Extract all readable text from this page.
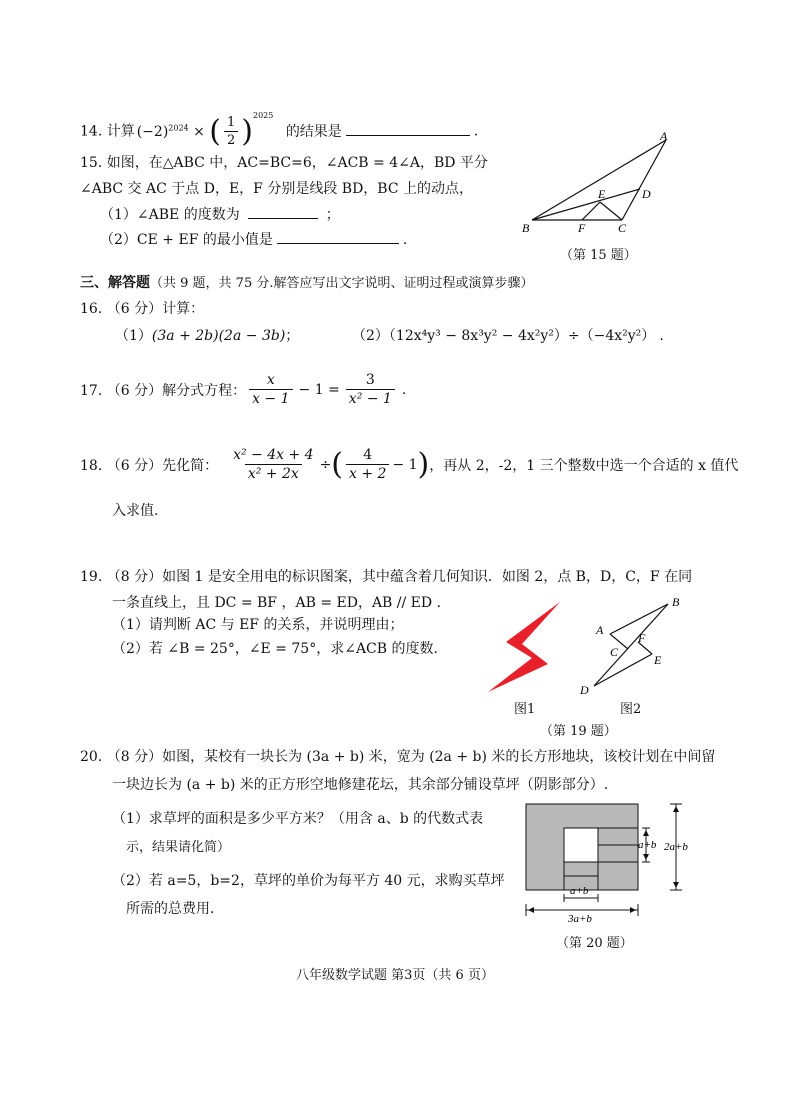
14. 计算 $(-2)^{2024}$ × ( $\frac{1}{2} )^{2025}$ 的结果是	.
15. 如图，在△ABC 中，AC=BC=6，∠ACB = 4∠A，BD 平分
∠ABC 交 AC 于点 D，E，F 分别是线段 BD，BC 上的动点，
（1）∠ABE 的度数为	；
（2）CE + EF 的最小值是	.
A
B	C
D
E
F
（第 15 题）
三、解答题（共 9 题，共 75 分.解答应写出文字说明、证明过程或演算步骤）
16. （6 分）计算：
（1）(3a + 2b)(2a − 3b)；	（2）（12x⁴y³ − 8x³y² − 4x²y²）÷（−4x²y²） .
17. （6 分）解分式方程： $\frac{x}{x - 1} - 1 = \frac{3}{\text{x² − 1}}$ .
18. （6 分）先化简： $\frac{\text{x² − 4x + 4}}{\text{x² + 2x}}$ ÷ ( $\frac{4}{x + 2} - 1$ ) ，再从 2，-2，1 三个整数中选一个合适的 x 值代
入求值.
19. （8 分）如图 1 是安全用电的标识图案，其中蕴含着几何知识．如图 2，点 B，D，C，F 在同
一条直线上，且 DC = BF ，AB = ED，AB // ED .
（1）请判断 AC 与 EF 的关系，并说明理由；
（2）若 ∠B = 25°，∠E = 75°，求∠ACB 的度数.
图1
B
A
F
C
E
D
图2
（第 19 题）
20. （8 分）如图，某校有一块长为 (3a + b) 米，宽为 (2a + b) 米的长方形地块，该校计划在中间留
一块边长为 (a + b) 米的正方形空地修建花坛，其余部分铺设草坪（阴影部分）.
（1）求草坪的面积是多少平方米？（用含 a、b 的代数式表
示，结果请化简）
（2）若 a=5，b=2，草坪的单价为每平方 40 元，求购买草坪
所需的总费用.
a+b 2a+b
a+b
3a+b
（第 20 题）
八年级数学试题 第3页（共 6 页）
